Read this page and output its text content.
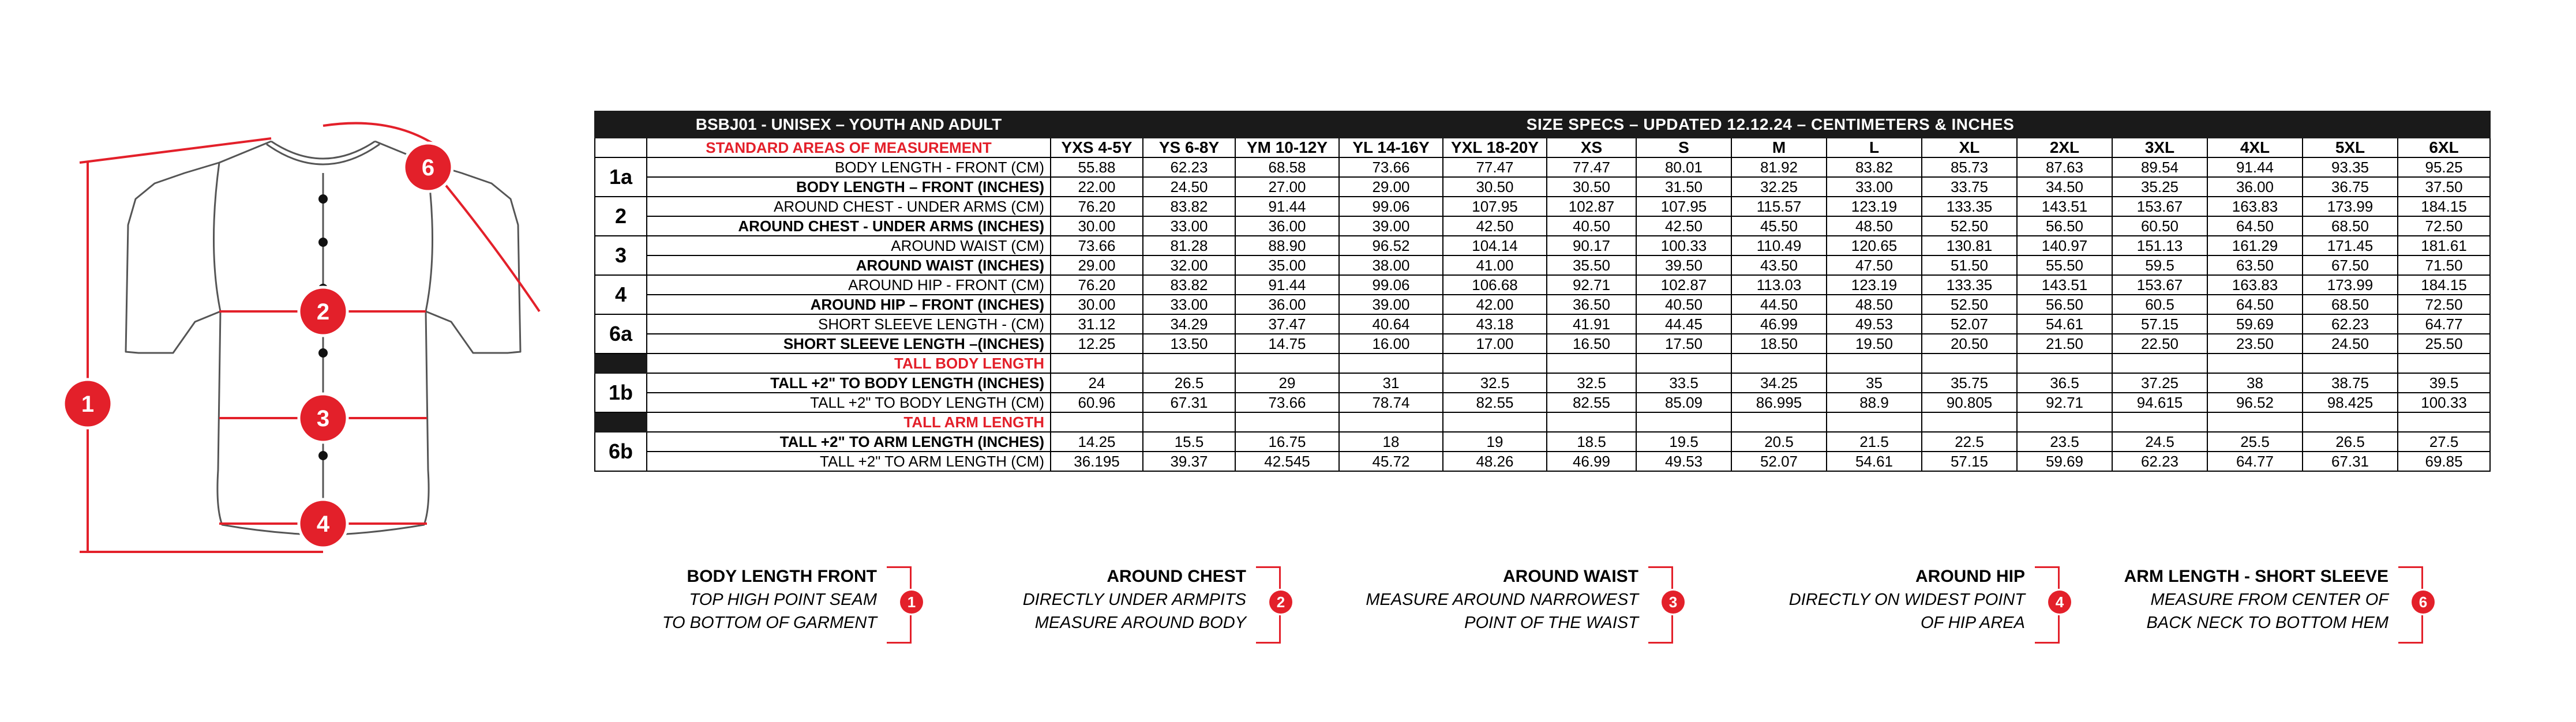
1
2
3
4
6
	BSBJ01 - UNISEX – YOUTH AND ADULT	SIZE SPECS – UPDATED 12.12.24 – CENTIMETERS & INCHES														
	STANDARD AREAS OF MEASUREMENT	YXS 4-5Y	YS 6-8Y	YM 10-12Y	YL 14-16Y	YXL 18-20Y	XS	S	M	L	XL	2XL	3XL	4XL	5XL	6XL
1a	BODY LENGTH - FRONT (CM)	55.88	62.23	68.58	73.66	77.47	77.47	80.01	81.92	83.82	85.73	87.63	89.54	91.44	93.35	95.25
	BODY LENGTH – FRONT (INCHES)	22.00	24.50	27.00	29.00	30.50	30.50	31.50	32.25	33.00	33.75	34.50	35.25	36.00	36.75	37.50
2	AROUND CHEST - UNDER ARMS (CM)	76.20	83.82	91.44	99.06	107.95	102.87	107.95	115.57	123.19	133.35	143.51	153.67	163.83	173.99	184.15
	AROUND CHEST - UNDER ARMS (INCHES)	30.00	33.00	36.00	39.00	42.50	40.50	42.50	45.50	48.50	52.50	56.50	60.50	64.50	68.50	72.50
3	AROUND WAIST (CM)	73.66	81.28	88.90	96.52	104.14	90.17	100.33	110.49	120.65	130.81	140.97	151.13	161.29	171.45	181.61
	AROUND WAIST (INCHES)	29.00	32.00	35.00	38.00	41.00	35.50	39.50	43.50	47.50	51.50	55.50	59.5	63.50	67.50	71.50
4	AROUND HIP - FRONT (CM)	76.20	83.82	91.44	99.06	106.68	92.71	102.87	113.03	123.19	133.35	143.51	153.67	163.83	173.99	184.15
	AROUND HIP – FRONT (INCHES)	30.00	33.00	36.00	39.00	42.00	36.50	40.50	44.50	48.50	52.50	56.50	60.5	64.50	68.50	72.50
6a	SHORT SLEEVE LENGTH - (CM)	31.12	34.29	37.47	40.64	43.18	41.91	44.45	46.99	49.53	52.07	54.61	57.15	59.69	62.23	64.77
	SHORT SLEEVE LENGTH –(INCHES)	12.25	13.50	14.75	16.00	17.00	16.50	17.50	18.50	19.50	20.50	21.50	22.50	23.50	24.50	25.50
	TALL BODY LENGTH															
1b	TALL +2" TO BODY LENGTH (INCHES)	24	26.5	29	31	32.5	32.5	33.5	34.25	35	35.75	36.5	37.25	38	38.75	39.5
	TALL +2" TO BODY LENGTH (CM)	60.96	67.31	73.66	78.74	82.55	82.55	85.09	86.995	88.9	90.805	92.71	94.615	96.52	98.425	100.33
	TALL ARM LENGTH															
6b	TALL +2" TO ARM LENGTH (INCHES)	14.25	15.5	16.75	18	19	18.5	19.5	20.5	21.5	22.5	23.5	24.5	25.5	26.5	27.5
	TALL +2" TO ARM LENGTH (CM)	36.195	39.37	42.545	45.72	48.26	46.99	49.53	52.07	54.61	57.15	59.69	62.23	64.77	67.31	69.85
BODY LENGTH FRONT
TOP HIGH POINT SEAM
TO BOTTOM OF GARMENT
1
AROUND CHEST
DIRECTLY UNDER ARMPITS
MEASURE AROUND BODY
2
AROUND WAIST
MEASURE AROUND NARROWEST
POINT OF THE WAIST
3
AROUND HIP
DIRECTLY ON WIDEST POINT
OF HIP AREA
4
ARM LENGTH - SHORT SLEEVE
MEASURE FROM CENTER OF
BACK NECK TO BOTTOM HEM
6
